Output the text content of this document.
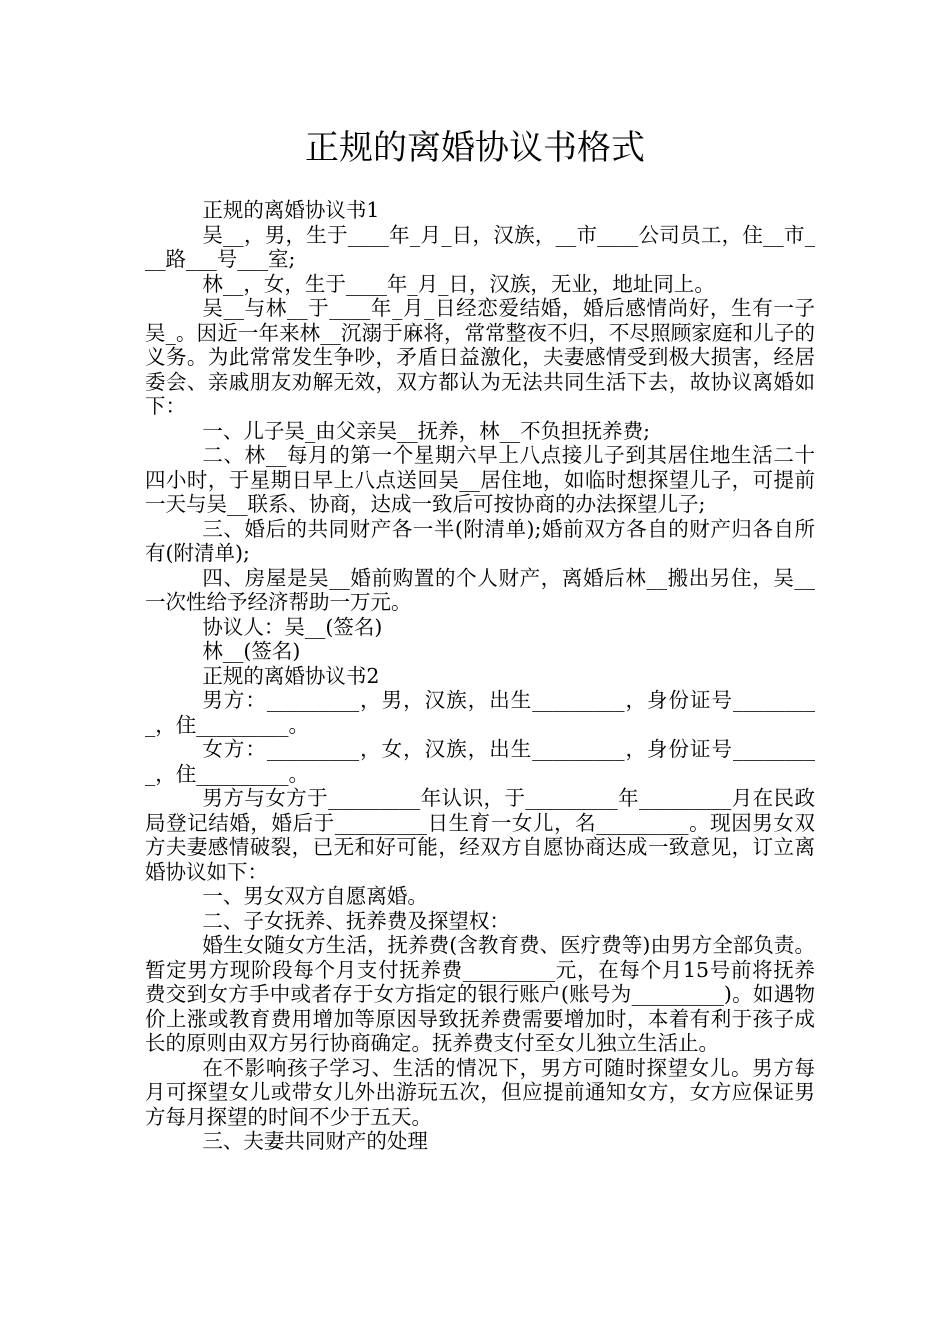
正规的离婚协议书格式

正规的离婚协议书1

吴__，男，生于____年_月_日，汉族，__市____公司员工，住__市___路___号___室;

林__，女，生于____年_月_日，汉族，无业，地址同上。

吴__与林__于____年_月_日经恋爱结婚，婚后感情尚好，生有一子吴_。因近一年来林__沉溺于麻将，常常整夜不归，不尽照顾家庭和儿子的义务。为此常常发生争吵，矛盾日益激化，夫妻感情受到极大损害，经居委会、亲戚朋友劝解无效，双方都认为无法共同生活下去，故协议离婚如下：

一、儿子吴_由父亲吴__抚养，林__不负担抚养费;

二、林__每月的第一个星期六早上八点接儿子到其居住地生活二十四小时，于星期日早上八点送回吴__居住地，如临时想探望儿子，可提前一天与吴__联系、协商，达成一致后可按协商的办法探望儿子;

三、婚后的共同财产各一半(附清单);婚前双方各自的财产归各自所有(附清单);

四、房屋是吴__婚前购置的个人财产，离婚后林__搬出另住，吴__一次性给予经济帮助一万元。

协议人：吴__(签名)

林__(签名)

正规的离婚协议书2

男方：_________，男，汉族，出生_________，身份证号_________，住_________。

女方：_________，女，汉族，出生_________，身份证号_________，住_________。

男方与女方于_________年认识，于_________年_________月在民政局登记结婚，婚后于_________日生育一女儿，名_________。现因男女双方夫妻感情破裂，已无和好可能，经双方自愿协商达成一致意见，订立离婚协议如下：

一、男女双方自愿离婚。

二、子女抚养、抚养费及探望权：

婚生女随女方生活，抚养费(含教育费、医疗费等)由男方全部负责。暂定男方现阶段每个月支付抚养费_________元，在每个月15号前将抚养费交到女方手中或者存于女方指定的银行账户(账号为_________)。如遇物价上涨或教育费用增加等原因导致抚养费需要增加时，本着有利于孩子成长的原则由双方另行协商确定。抚养费支付至女儿独立生活止。

在不影响孩子学习、生活的情况下，男方可随时探望女儿。男方每月可探望女儿或带女儿外出游玩五次，但应提前通知女方，女方应保证男方每月探望的时间不少于五天。

三、夫妻共同财产的处理
